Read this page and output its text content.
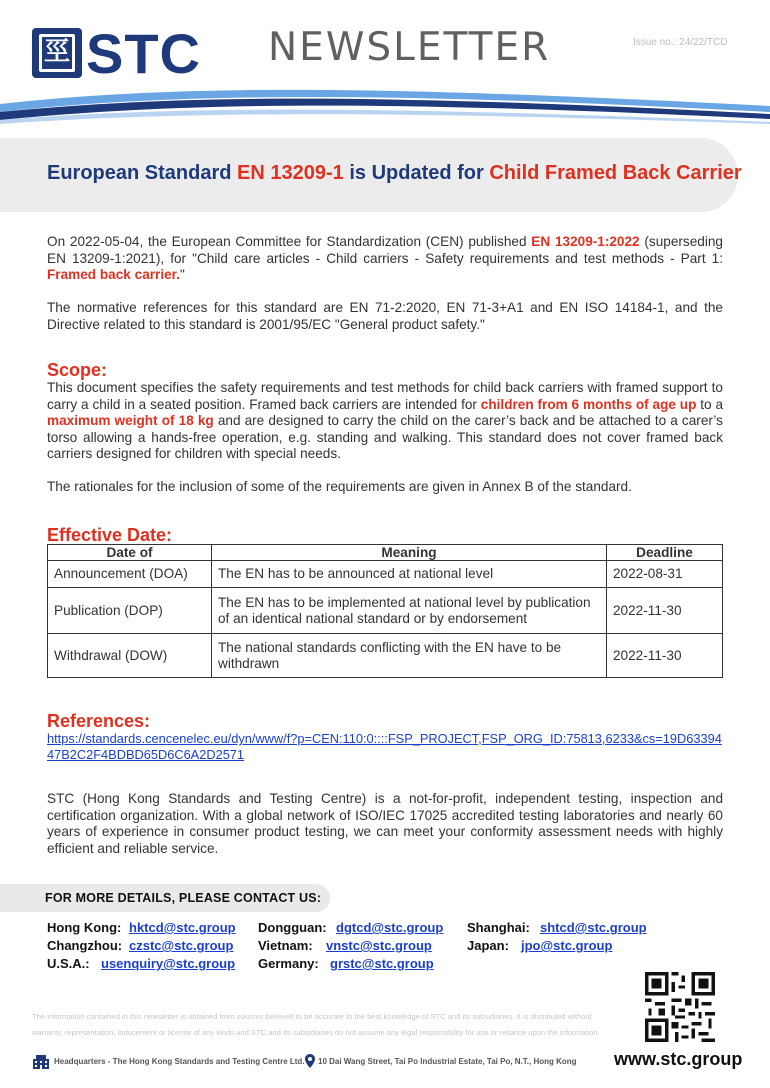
巠 STC NEWSLETTER	Issue no.: 24/22/TCD
European Standard EN 13209-1 is Updated for Child Framed Back Carrier
On 2022-05-04, the European Committee for Standardization (CEN) published EN 13209-1:2022 (superseding EN 13209-1:2021), for "Child care articles - Child carriers - Safety requirements and test methods - Part 1: Framed back carrier."
The normative references for this standard are EN 71-2:2020, EN 71-3+A1 and EN ISO 14184-1, and the Directive related to this standard is 2001/95/EC "General product safety."
Scope:
This document specifies the safety requirements and test methods for child back carriers with framed support to carry a child in a seated position. Framed back carriers are intended for children from 6 months of age up to a maximum weight of 18 kg and are designed to carry the child on the carer’s back and be attached to a carer’s torso allowing a hands-free operation, e.g. standing and walking. This standard does not cover framed back carriers designed for children with special needs.
The rationales for the inclusion of some of the requirements are given in Annex B of the standard.
Effective Date:
Date of	Meaning	Deadline
Announcement (DOA)	The EN has to be announced at national level	2022-08-31
Publication (DOP)	The EN has to be implemented at national level by publication of an identical national standard or by endorsement	2022-11-30
Withdrawal (DOW)	The national standards conflicting with the EN have to be withdrawn	2022-11-30
References:
https://standards.cencenelec.eu/dyn/www/f?p=CEN:110:0::::FSP_PROJECT,FSP_ORG_ID:75813,6233&cs=19D6339447B2C2F4BDBD65D6C6A2D2571
STC (Hong Kong Standards and Testing Centre) is a not-for-profit, independent testing, inspection and certification organization. With a global network of ISO/IEC 17025 accredited testing laboratories and nearly 60 years of experience in consumer product testing, we can meet your conformity assessment needs with highly efficient and reliable service.
FOR MORE DETAILS, PLEASE CONTACT US:
Hong Kong: hktcd@stc.group Dongguan: dgtcd@stc.group Shanghai: shtcd@stc.group
Changzhou: czstc@stc.group Vietnam: vnstc@stc.group	Japan: jpo@stc.group
U.S.A.: usenquiry@stc.group Germany: grstc@stc.group
The information contained in this newsletter is obtained from sources believed to be accurate to the best knowledge of STC and its subsidiaries. It is distributed without warranty, representation, inducement or license of any kinds and STC and its subsidiaries do not assume any legal responsibility for use or reliance upon the information.
Headquarters - The Hong Kong Standards and Testing Centre Ltd. 10 Dai Wang Street, Tai Po Industrial Estate, Tai Po, N.T., Hong Kong www.stc.group
